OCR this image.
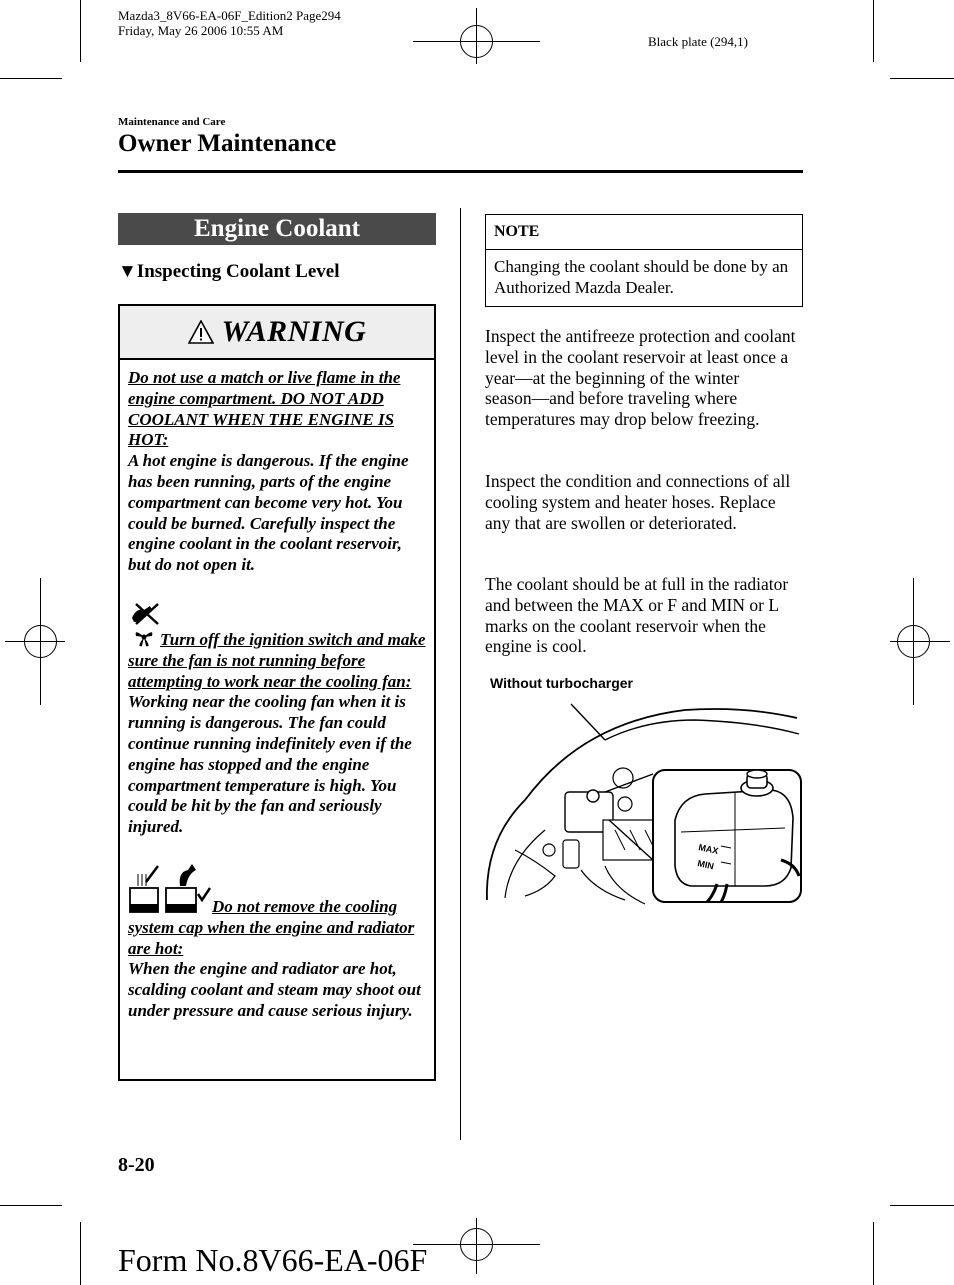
Mazda3_8V66-EA-06F_Edition2 Page294
Friday, May 26 2006 10:55 AM
Black plate (294,1)
Maintenance and Care
Owner Maintenance
Engine Coolant
▼Inspecting Coolant Level
WARNING

Do not use a match or live flame in the engine compartment. DO NOT ADD COOLANT WHEN THE ENGINE IS HOT:

A hot engine is dangerous. If the engine has been running, parts of the engine compartment can become very hot. You could be burned. Carefully inspect the engine coolant in the coolant reservoir, but do not open it.

Turn off the ignition switch and make sure the fan is not running before attempting to work near the cooling fan:

Working near the cooling fan when it is running is dangerous. The fan could continue running indefinitely even if the engine has stopped and the engine compartment temperature is high. You could be hit by the fan and seriously injured.

Do not remove the cooling system cap when the engine and radiator are hot:

When the engine and radiator are hot, scalding coolant and steam may shoot out under pressure and cause serious injury.

NOTE
Changing the coolant should be done by an Authorized Mazda Dealer.
Inspect the antifreeze protection and coolant level in the coolant reservoir at least once a year―at the beginning of the winter season―and before traveling where temperatures may drop below freezing.
Inspect the condition and connections of all cooling system and heater hoses. Replace any that are swollen or deteriorated.
The coolant should be at full in the radiator and between the MAX or F and MIN or L marks on the coolant reservoir when the engine is cool.
Without turbocharger
MAX
MIN
8-20
Form No.8V66-EA-06F
